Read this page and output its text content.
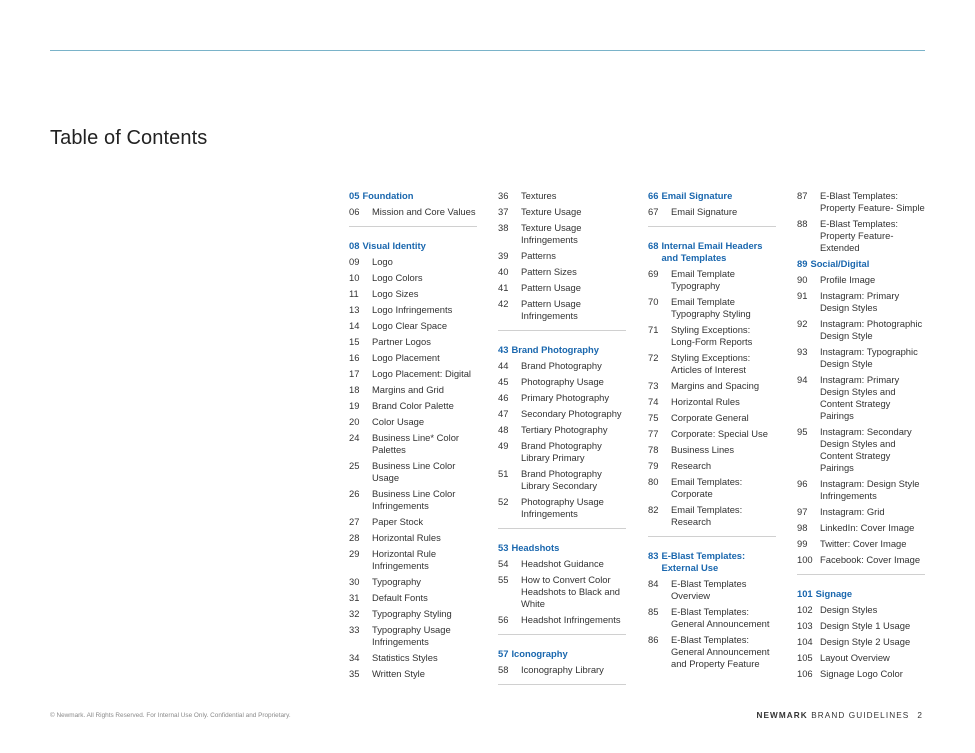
Table of Contents
05 Foundation
06	Mission and Core Values
08 Visual Identity
09	Logo
10	Logo Colors
11	Logo Sizes
13	Logo Infringements
14	Logo Clear Space
15	Partner Logos
16	Logo Placement
17	Logo Placement: Digital
18	Margins and Grid
19	Brand Color Palette
20	Color Usage
24	Business Line* Color Palettes
25	Business Line Color Usage
26	Business Line Color Infringements
27	Paper Stock
28	Horizontal Rules
29	Horizontal Rule Infringements
30	Typography
31	Default Fonts
32	Typography Styling
33	Typography Usage Infringements
34	Statistics Styles
35	Written Style
36	Textures
37	Texture Usage
38	Texture Usage Infringements
39	Patterns
40	Pattern Sizes
41	Pattern Usage
42	Pattern Usage Infringements
43 Brand Photography
44	Brand Photography
45	Photography Usage
46	Primary Photography
47	Secondary Photography
48	Tertiary Photography
49	Brand Photography Library Primary
51	Brand Photography Library Secondary
52	Photography Usage Infringements
53 Headshots
54	Headshot Guidance
55	How to Convert Color Headshots to Black and White
56	Headshot Infringements
57 Iconography
58	Iconography Library
66 Email Signature
67	Email Signature
68 Internal Email Headers and Templates
69	Email Template Typography
70	Email Template Typography Styling
71	Styling Exceptions: Long-Form Reports
72	Styling Exceptions: Articles of Interest
73	Margins and Spacing
74	Horizontal Rules
75	Corporate General
77	Corporate: Special Use
78	Business Lines
79	Research
80	Email Templates: Corporate
82	Email Templates: Research
83 E-Blast Templates: External Use
84	E-Blast Templates Overview
85	E-Blast Templates: General Announcement
86	E-Blast Templates: General Announcement and Property Feature
87	E-Blast Templates: Property Feature- Simple
88	E-Blast Templates: Property Feature- Extended
89 Social/Digital
90	Profile Image
91	Instagram: Primary Design Styles
92	Instagram: Photographic Design Style
93	Instagram: Typographic Design Style
94	Instagram: Primary Design Styles and Content Strategy Pairings
95	Instagram: Secondary Design Styles and Content Strategy Pairings
96	Instagram: Design Style Infringements
97	Instagram: Grid
98	LinkedIn: Cover Image
99	Twitter: Cover Image
100 Facebook: Cover Image
101 Signage
102 Design Styles
103 Design Style 1 Usage
104 Design Style 2 Usage
105 Layout Overview
106 Signage Logo Color
© Newmark. All Rights Reserved. For Internal Use Only. Confidential and Proprietary.	NEWMARK BRAND GUIDELINES 2
